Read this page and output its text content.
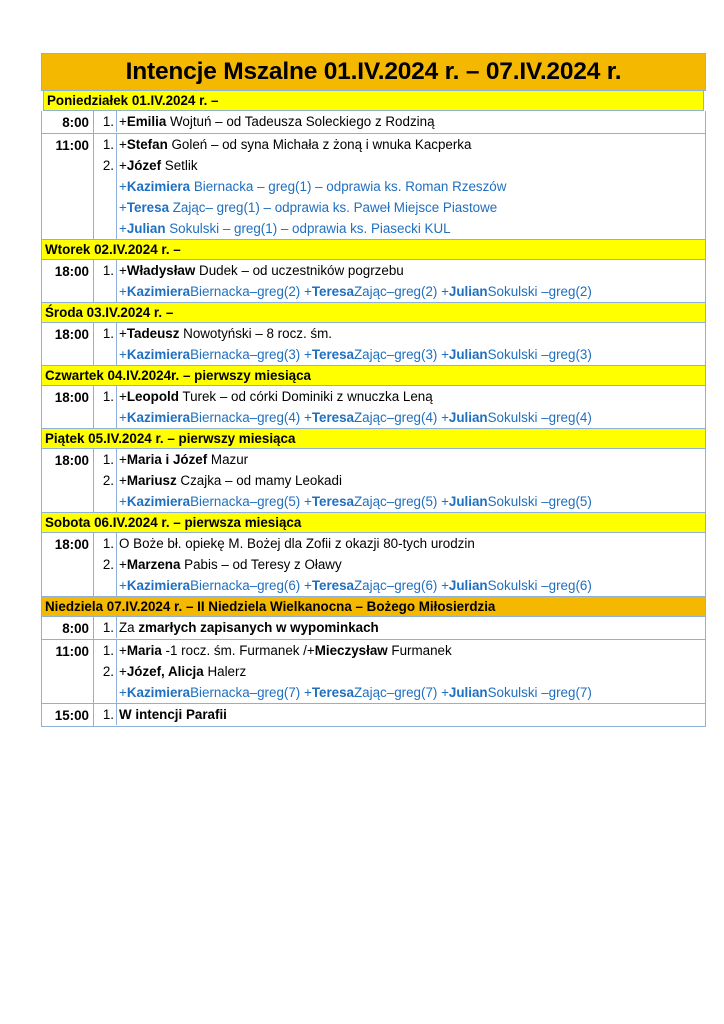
Intencje Mszalne 01.IV.2024 r. – 07.IV.2024 r.
Poniedziałek 01.IV.2024 r. –
8:00	1. +Emilia Wojtuń – od Tadeusza Soleckiego z Rodziną
11:00	1. +Stefan Goleń – od syna Michała z żoną i wnuka Kacperka
2. +Józef Setlik
+Kazimiera Biernacka – greg(1) – odprawia ks. Roman Rzeszów
+Teresa Zając– greg(1) – odprawia ks. Paweł Miejsce Piastowe
+Julian Sokulski – greg(1) – odprawia ks. Piasecki KUL
Wtorek 02.IV.2024 r. –
18:00	1. +Władysław Dudek – od uczestników pogrzebu
+KazimieraBiernacka–greg(2) +TeresaZając–greg(2) +JulianSokulski –greg(2)
Środa 03.IV.2024 r. –
18:00	1. +Tadeusz Nowotyński – 8 rocz. śm.
+KazimieraBiernacka–greg(3) +TeresaZając–greg(3) +JulianSokulski –greg(3)
Czwartek 04.IV.2024r. – pierwszy miesiąca
18:00	1. +Leopold Turek – od córki Dominiki z wnuczka Leną
+KazimieraBiernacka–greg(4) +TeresaZając–greg(4) +JulianSokulski –greg(4)
Piątek 05.IV.2024 r. – pierwszy miesiąca
18:00	1. +Maria i Józef Mazur
2. +Mariusz Czajka – od mamy Leokadi
+KazimieraBiernacka–greg(5) +TeresaZając–greg(5) +JulianSokulski –greg(5)
Sobota 06.IV.2024 r. – pierwsza miesiąca
18:00	1. O Boże bł. opiekę M. Bożej dla Zofii z okazji 80-tych urodzin
2. +Marzena Pabis – od Teresy z Oławy
+KazimieraBiernacka–greg(6) +TeresaZając–greg(6) +JulianSokulski –greg(6)
Niedziela 07.IV.2024 r. – II Niedziela Wielkanocna – Bożego Miłosierdzia
8:00	1. Za zmarłych zapisanych w wypominkach
11:00	1. +Maria -1 rocz. śm. Furmanek /+Mieczysław Furmanek
2. +Józef, Alicja Halerz
+KazimieraBiernacka–greg(7) +TeresaZając–greg(7) +JulianSokulski –greg(7)
15:00	1. W intencji Parafii
